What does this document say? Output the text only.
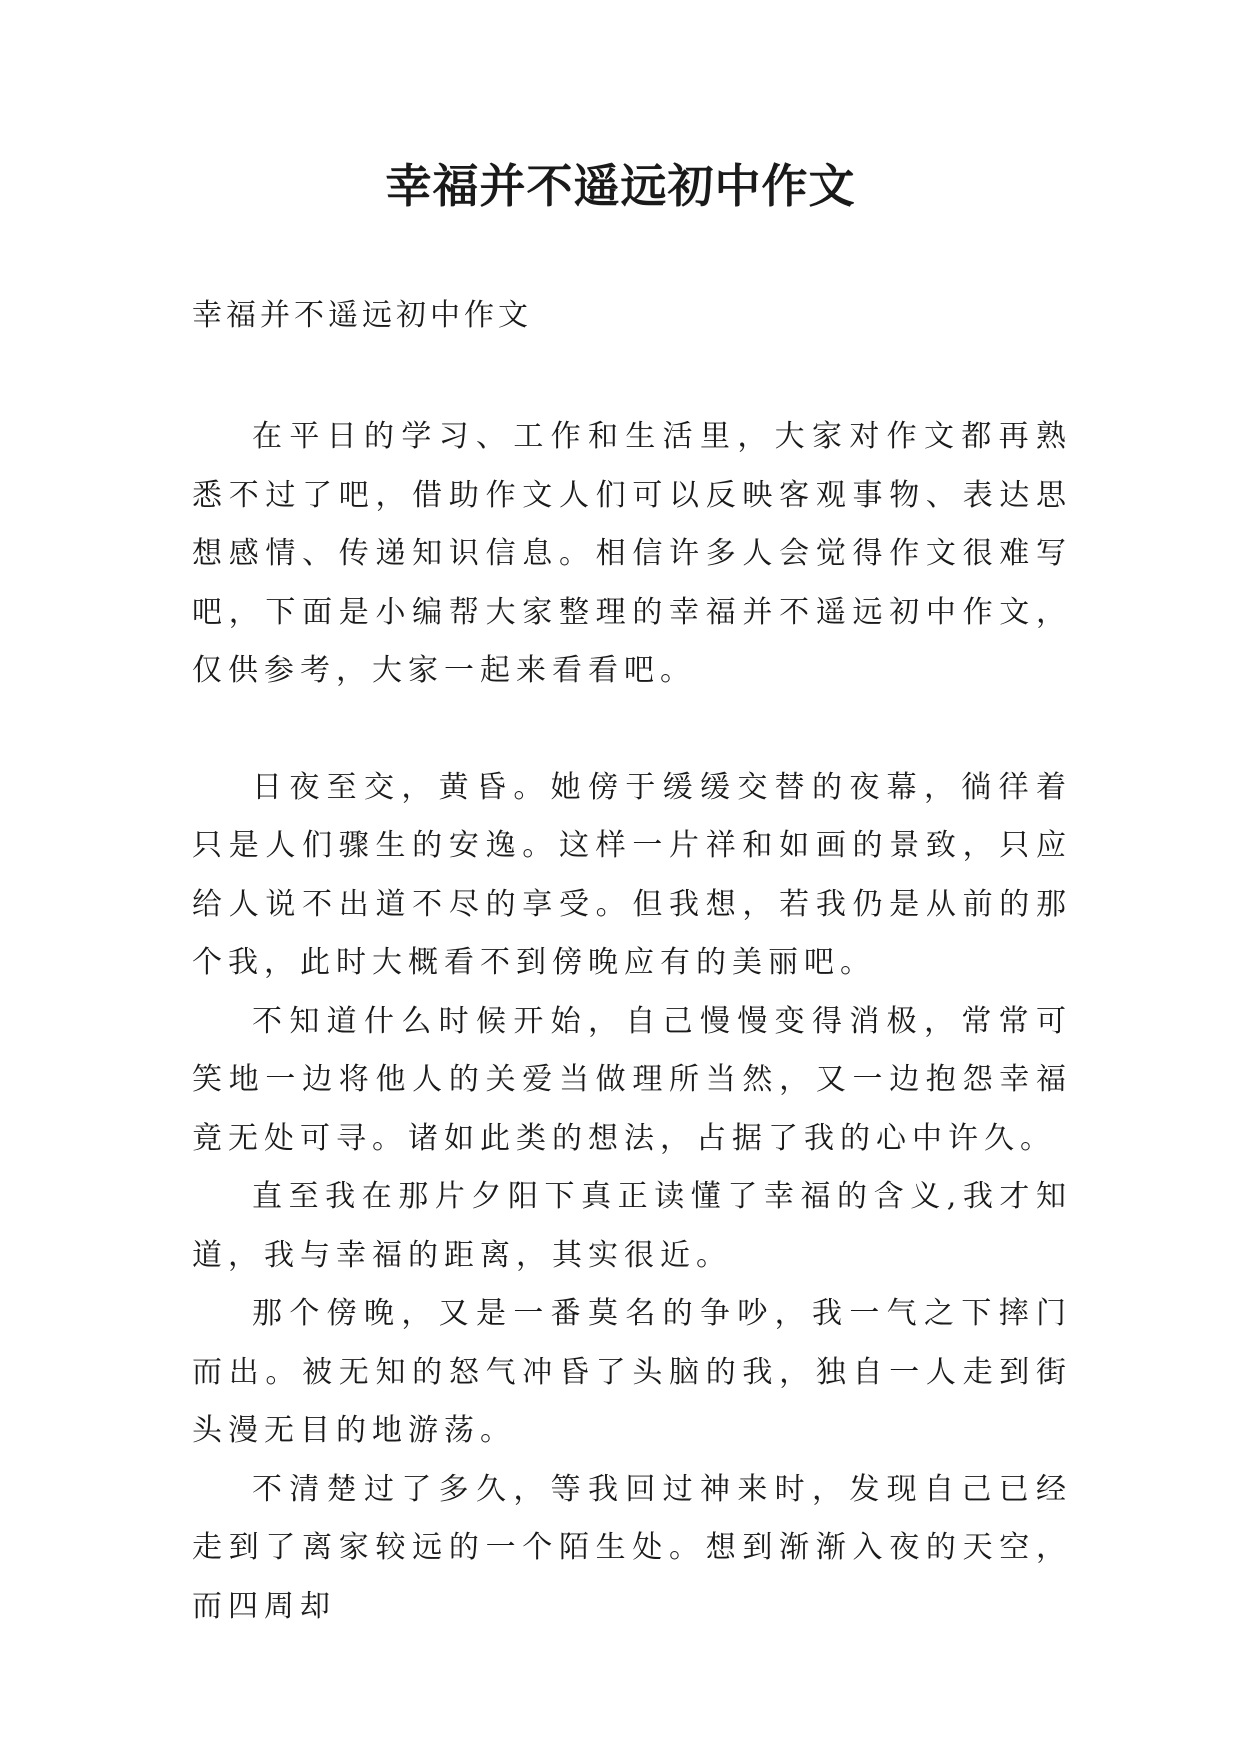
幸福并不遥远初中作文

幸福并不遥远初中作文

在平日的学习、工作和生活里，大家对作文都再熟悉不过了吧，借助作文人们可以反映客观事物、表达思想感情、传递知识信息。相信许多人会觉得作文很难写吧，下面是小编帮大家整理的幸福并不遥远初中作文，仅供参考，大家一起来看看吧。

日夜至交，黄昏。她傍于缓缓交替的夜幕，徜徉着只是人们骤生的安逸。这样一片祥和如画的景致，只应给人说不出道不尽的享受。但我想，若我仍是从前的那个我，此时大概看不到傍晚应有的美丽吧。

不知道什么时候开始，自己慢慢变得消极，常常可笑地一边将他人的关爱当做理所当然，又一边抱怨幸福竟无处可寻。诸如此类的想法，占据了我的心中许久。

直至我在那片夕阳下真正读懂了幸福的含义,我才知道，我与幸福的距离，其实很近。

那个傍晚，又是一番莫名的争吵，我一气之下摔门而出。被无知的怒气冲昏了头脑的我，独自一人走到街头漫无目的地游荡。

不清楚过了多久，等我回过神来时，发现自己已经走到了离家较远的一个陌生处。想到渐渐入夜的天空，而四周却
